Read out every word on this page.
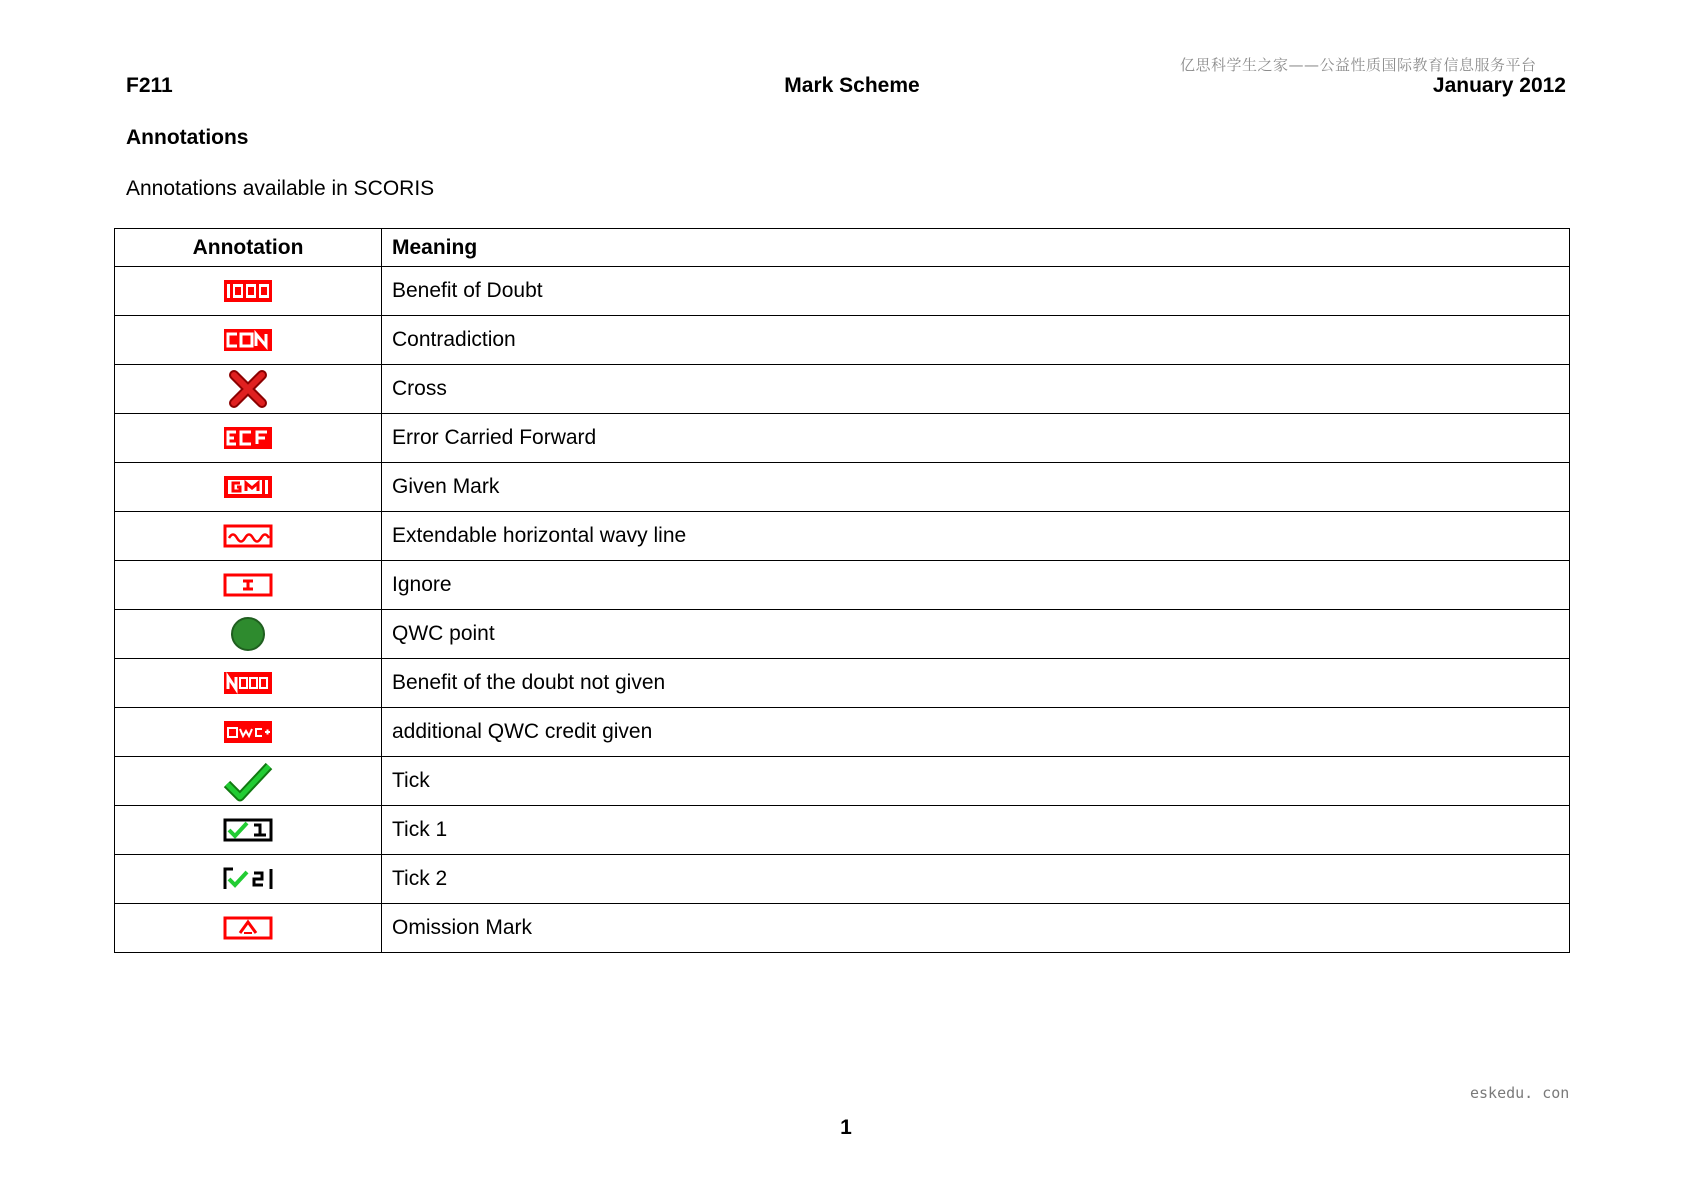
亿思科学生之家——公益性质国际教育信息服务平台
F211	Mark Scheme	January 2012
Annotations
Annotations available in SCORIS
Annotation	Meaning

	Benefit of Doubt

	Contradiction

	Cross

	Error Carried Forward

	Given Mark

	Extendable horizontal wavy line

	Ignore

	QWC point

	Benefit of the doubt not given

	additional QWC credit given

	Tick

	Tick 1

	Tick 2

	Omission Mark
eskedu. con
1
